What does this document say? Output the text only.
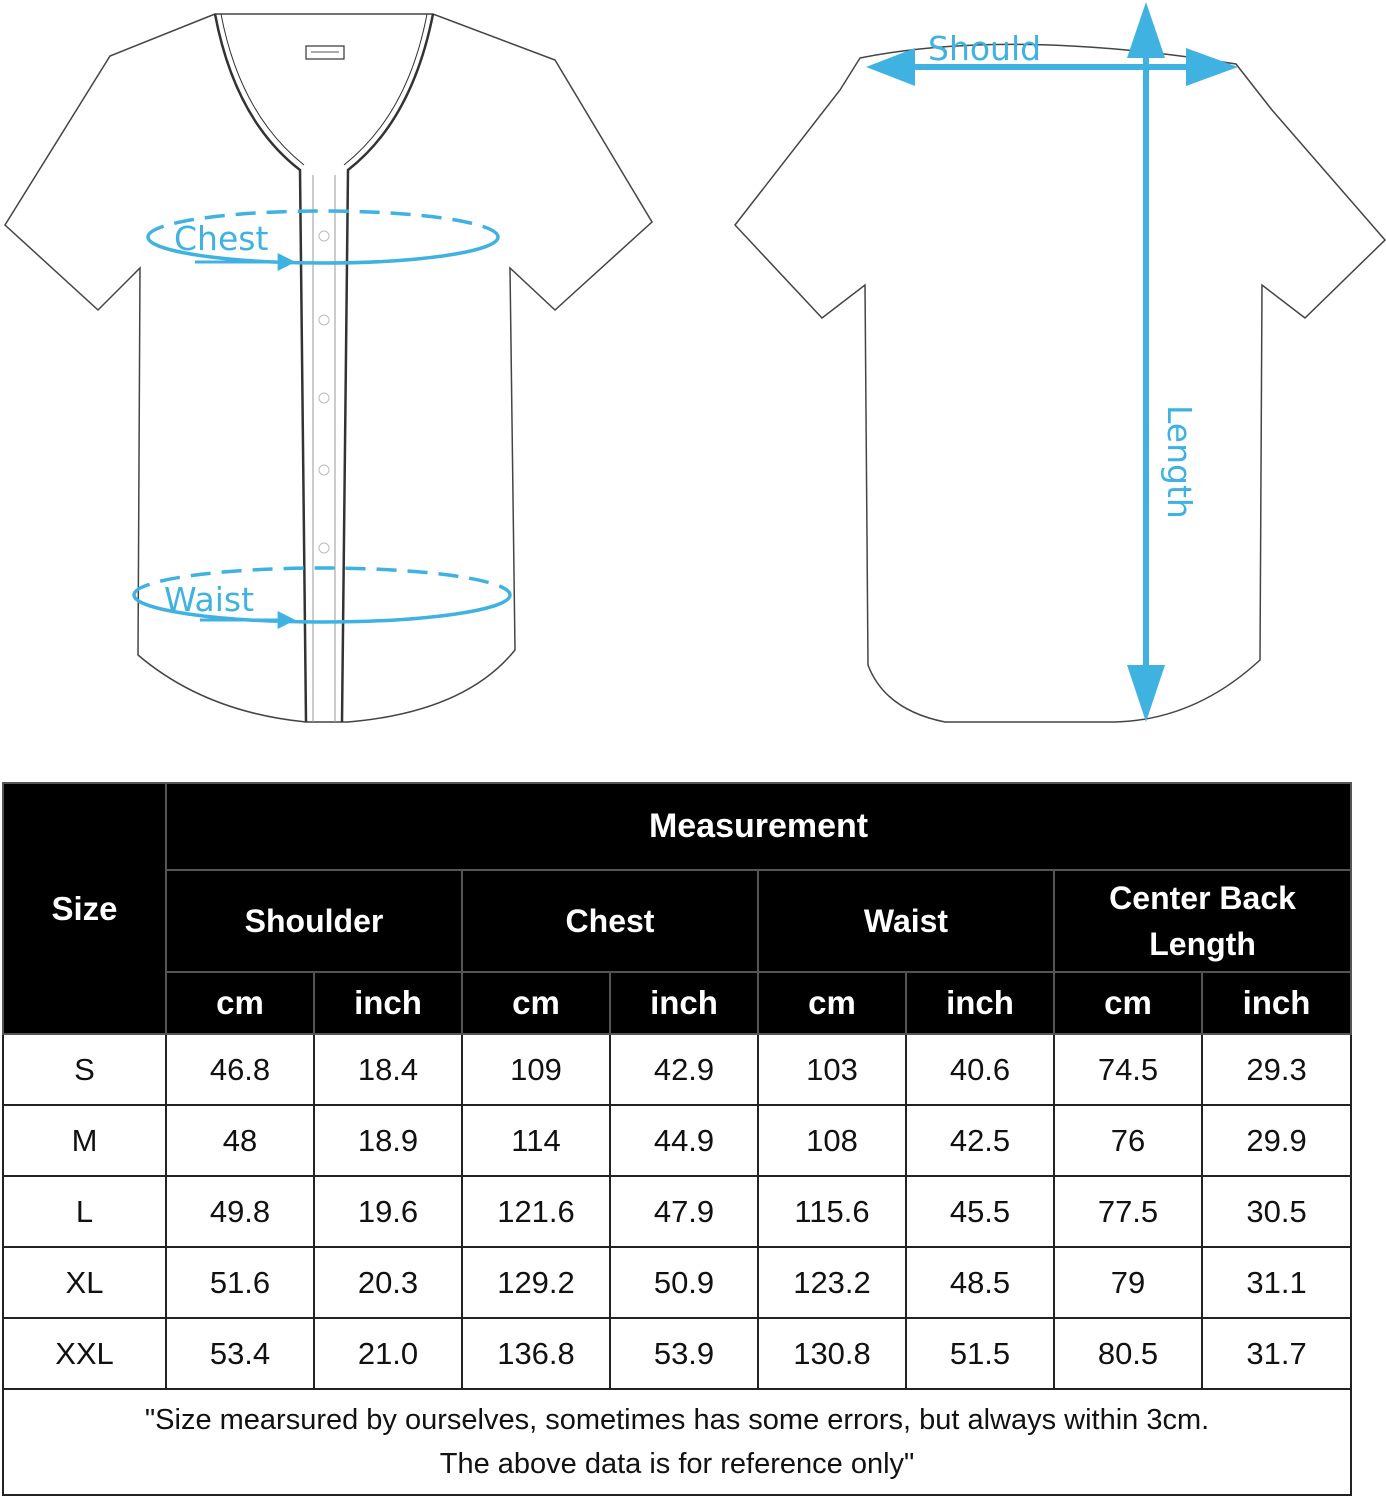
Chest
Waist
Should
Length
Size	Measurement							
	Shoulder		Chest		Waist		Center Back Length	

	cm	inch	cm	inch	cm	inch	cm	inch
S	46.8	18.4	109	42.9	103	40.6	74.5	29.3
M	48	18.9	114	44.9	108	42.5	76	29.9
L	49.8	19.6	121.6	47.9	115.6	45.5	77.5	30.5
XL	51.6	20.3	129.2	50.9	123.2	48.5	79	31.1
XXL	53.4	21.0	136.8	53.9	130.8	51.5	80.5	31.7

"Size mearsured by ourselves, sometimes has some errors, but always within 3cm.
The above data is for reference only"								
